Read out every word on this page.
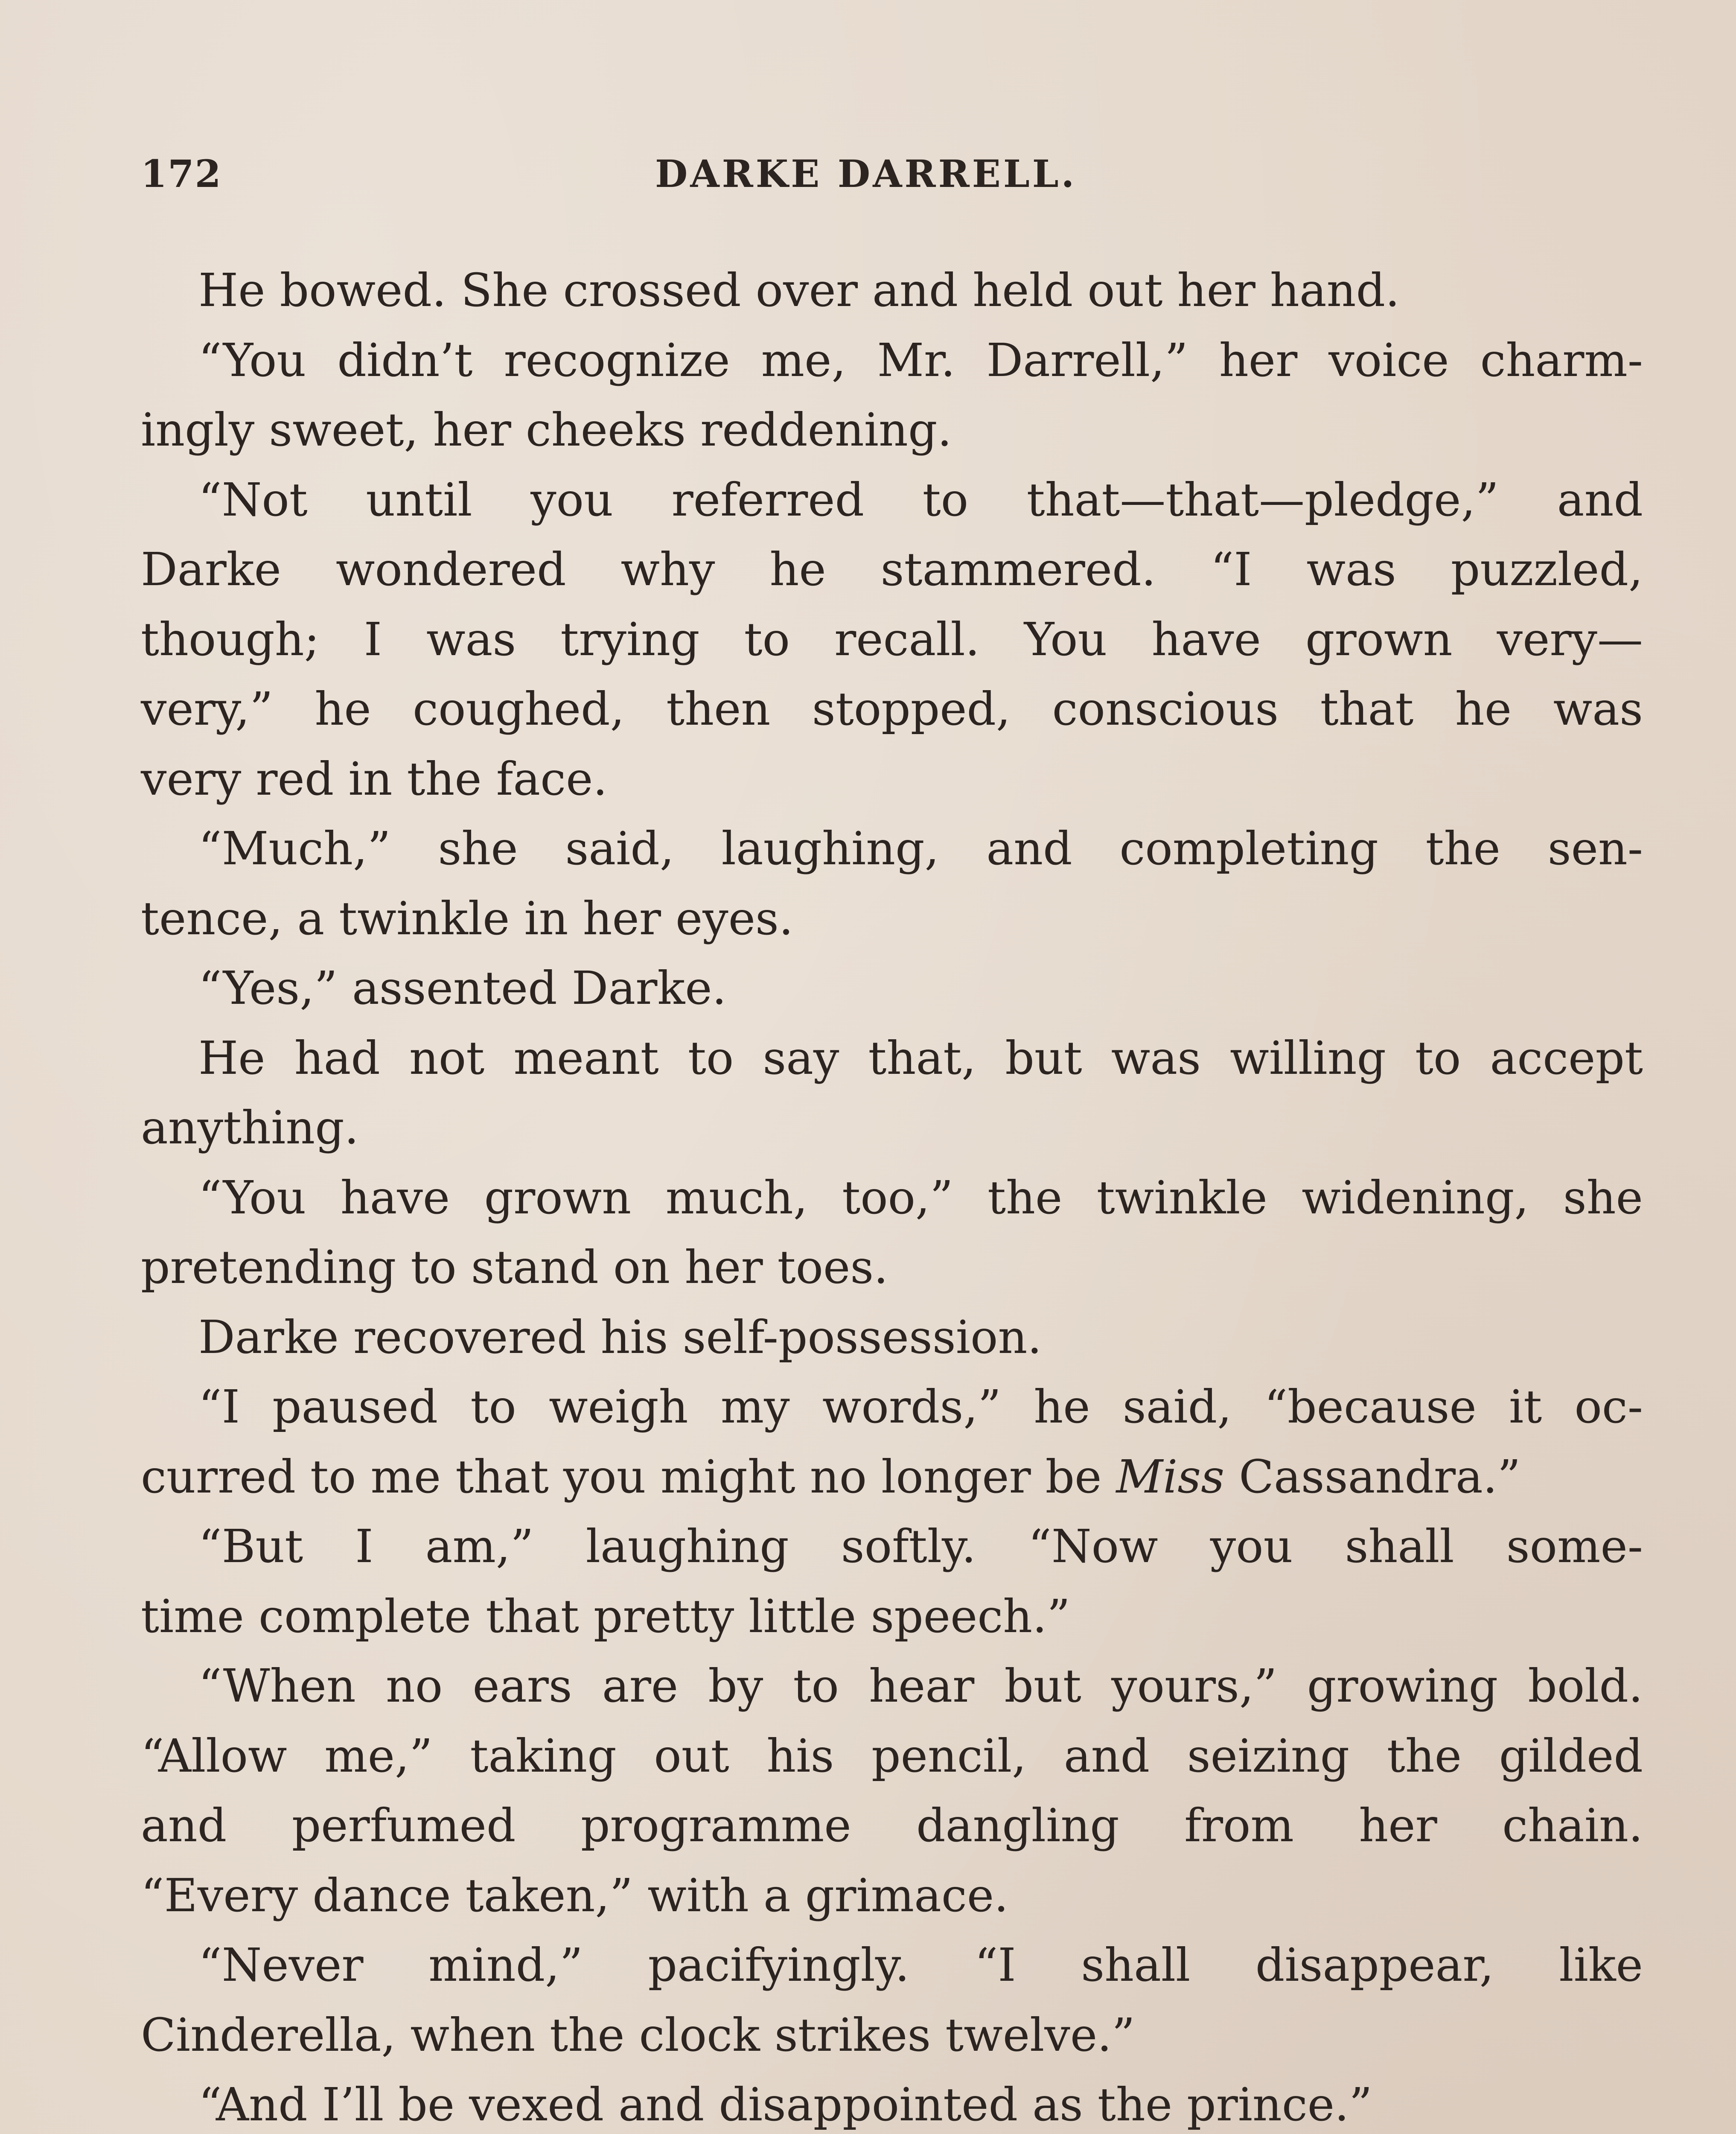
172	DARKE DARRELL.
He bowed. She crossed over and held out her hand.
“You didn’t recognize me, Mr. Darrell,” her voice charm-
ingly sweet, her cheeks reddening.
“Not until you referred to that—that—pledge,” and
Darke wondered why he stammered. “I was puzzled,
though; I was trying to recall. You have grown very—
very,” he coughed, then stopped, conscious that he was
very red in the face.
“Much,” she said, laughing, and completing the sen-
tence, a twinkle in her eyes.
“Yes,” assented Darke.
He had not meant to say that, but was willing to accept
anything.
“You have grown much, too,” the twinkle widening, she
pretending to stand on her toes.
Darke recovered his self-possession.
“I paused to weigh my words,” he said, “because it oc-
curred to me that you might no longer be Miss Cassandra.”
“But I am,” laughing softly. “Now you shall some-
time complete that pretty little speech.”
“When no ears are by to hear but yours,” growing bold.
“Allow me,” taking out his pencil, and seizing the gilded
and perfumed programme dangling from her chain.
“Every dance taken,” with a grimace.
“Never mind,” pacifyingly. “I shall disappear, like
Cinderella, when the clock strikes twelve.”
“And I’ll be vexed and disappointed as the prince.”
